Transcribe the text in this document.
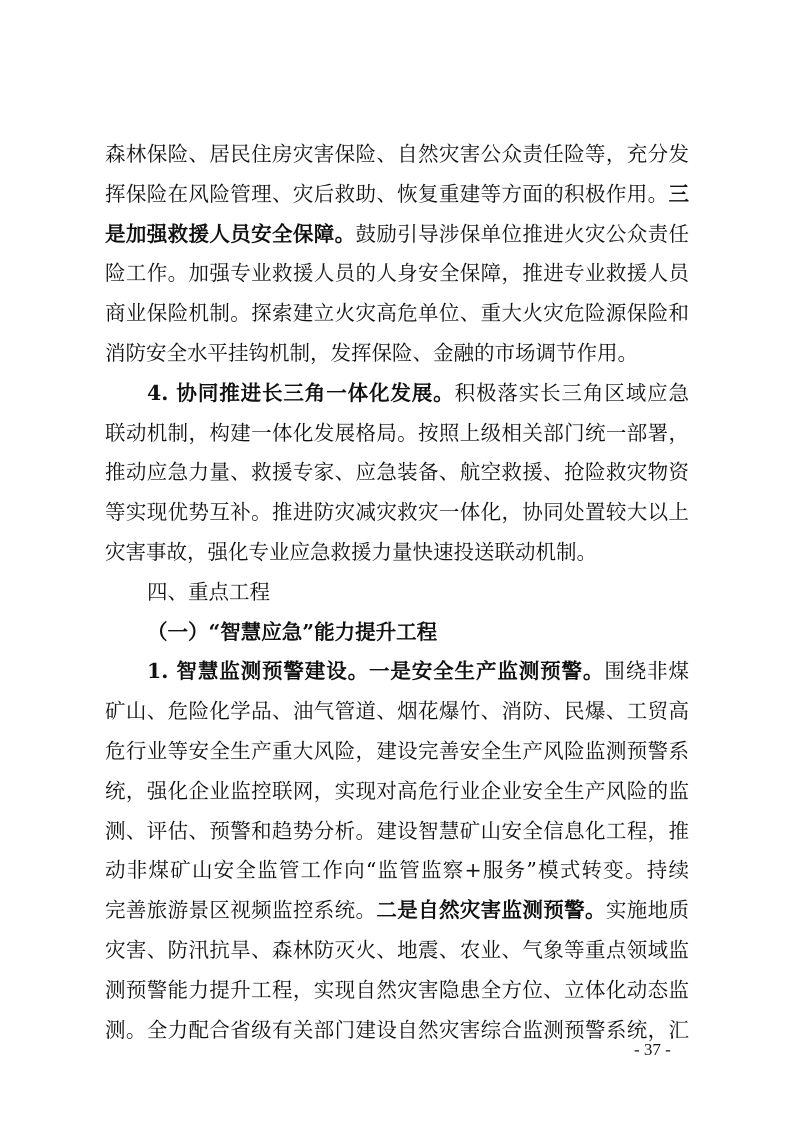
森林保险、居民住房灾害保险、自然灾害公众责任险等，充分发
挥保险在风险管理、灾后救助、恢复重建等方面的积极作用。三
是加强救援人员安全保障。鼓励引导涉保单位推进火灾公众责任
险工作。加强专业救援人员的人身安全保障，推进专业救援人员
商业保险机制。探索建立火灾高危单位、重大火灾危险源保险和
消防安全水平挂钩机制，发挥保险、金融的市场调节作用。
4. 协同推进长三角一体化发展。积极落实长三角区域应急
联动机制，构建一体化发展格局。按照上级相关部门统一部署，
推动应急力量、救援专家、应急装备、航空救援、抢险救灾物资
等实现优势互补。推进防灾减灾救灾一体化，协同处置较大以上
灾害事故，强化专业应急救援力量快速投送联动机制。
四、重点工程
（一）“智慧应急”能力提升工程
1. 智慧监测预警建设。一是安全生产监测预警。围绕非煤
矿山、危险化学品、油气管道、烟花爆竹、消防、民爆、工贸高
危行业等安全生产重大风险，建设完善安全生产风险监测预警系
统，强化企业监控联网，实现对高危行业企业安全生产风险的监
测、评估、预警和趋势分析。建设智慧矿山安全信息化工程，推
动非煤矿山安全监管工作向“监管监察+服务”模式转变。持续
完善旅游景区视频监控系统。二是自然灾害监测预警。实施地质
灾害、防汛抗旱、森林防灭火、地震、农业、气象等重点领域监
测预警能力提升工程，实现自然灾害隐患全方位、立体化动态监
测。全力配合省级有关部门建设自然灾害综合监测预警系统，汇
- 37 -
